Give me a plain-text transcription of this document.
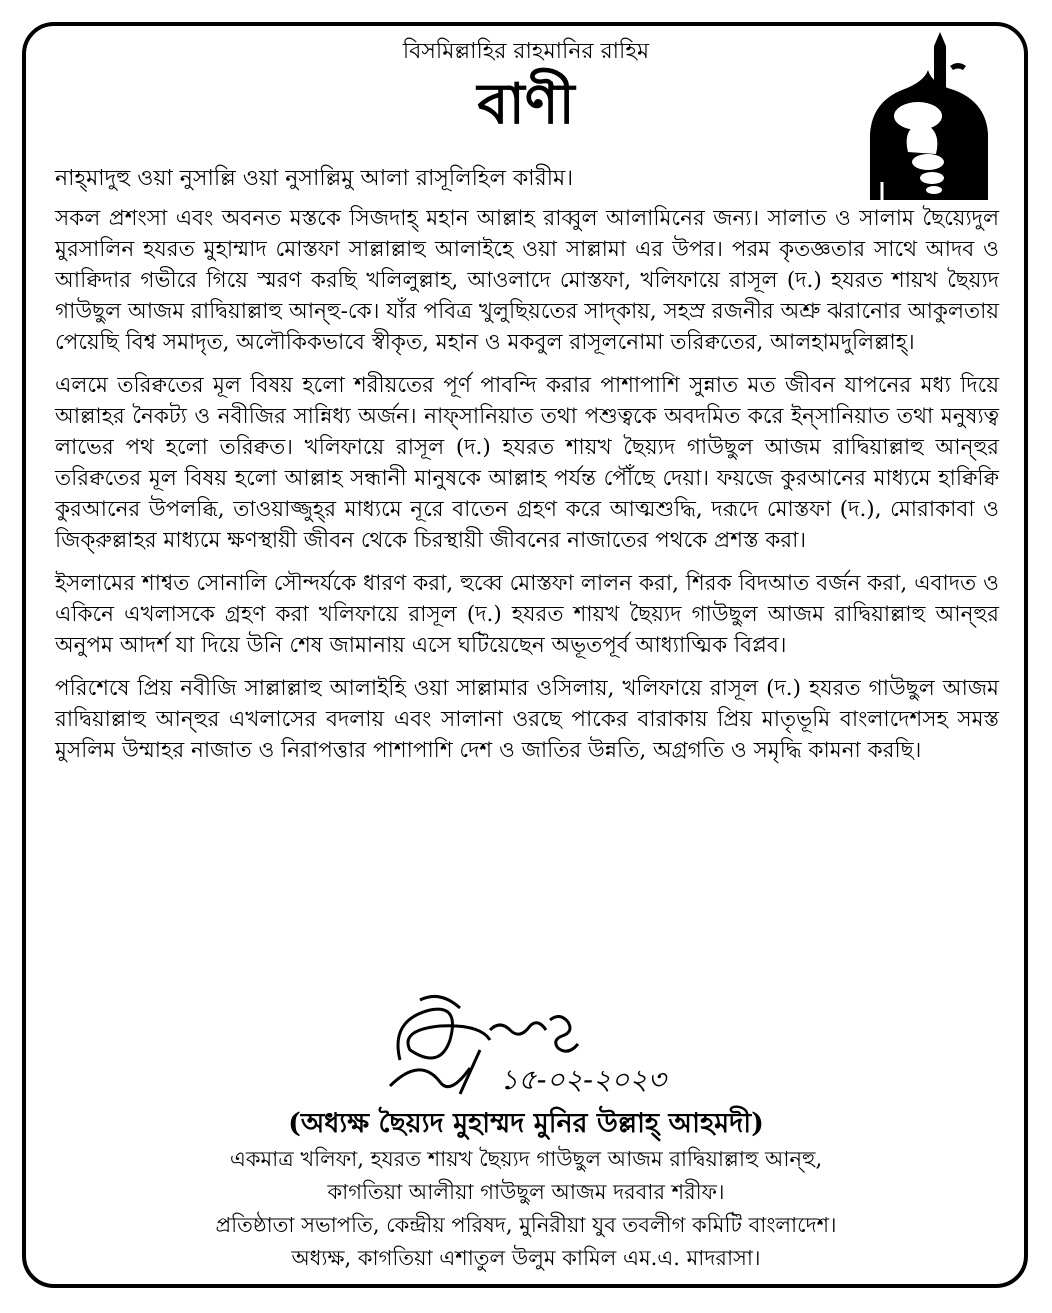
বিসমিল্লাহির রাহমানির রাহিম
বাণী
নাহ্‌মাদুহু ওয়া নুসাল্লি ওয়া নুসাল্লিমু আলা রাসূলিহিল কারীম।

সকল প্রশংসা এবং অবনত মস্তকে সিজদাহ্‌ মহান আল্লাহ রাব্বুল আলামিনের জন্য। সালাত ও সালাম ছৈয়্যেদুল মুরসালিন হযরত মুহাম্মাদ মোস্তফা সাল্লাল্লাহু আলাইহে ওয়া সাল্লামা এর উপর। পরম কৃতজ্ঞতার সাথে আদব ও আক্বিদার গভীরে গিয়ে স্মরণ করছি খলিলুল্লাহ, আওলাদে মোস্তফা, খলিফায়ে রাসূল (দ.) হযরত শায়খ ছৈয়্যদ গাউছুল আজম রাদ্বিয়াল্লাহু আন্‌হু-কে। যাঁর পবিত্র খুলুছিয়তের সাদ্‌কায়, সহস্র রজনীর অশ্রু ঝরানোর আকুলতায় পেয়েছি বিশ্ব সমাদৃত, অলৌকিকভাবে স্বীকৃত, মহান ও মকবুল রাসূলনোমা তরিক্বতের, আলহামদুলিল্লাহ্‌।

এলমে তরিক্বতের মূল বিষয় হলো শরীয়তের পূর্ণ পাবন্দি করার পাশাপাশি সুন্নাত মত জীবন যাপনের মধ্য দিয়ে আল্লাহর নৈকট্য ও নবীজির সান্নিধ্য অর্জন। নাফ্‌সানিয়াত তথা পশুত্বকে অবদমিত করে ইন্‌সানিয়াত তথা মনুষ্যত্ব লাভের পথ হলো তরিক্বত। খলিফায়ে রাসূল (দ.) হযরত শায়খ ছৈয়্যদ গাউছুল আজম রাদ্বিয়াল্লাহু আন্‌হুর তরিক্বতের মূল বিষয় হলো আল্লাহ সন্ধানী মানুষকে আল্লাহ পর্যন্ত পৌঁছে দেয়া। ফয়জে কুরআনের মাধ্যমে হাক্বিক্বি কুরআনের উপলব্ধি, তাওয়াজ্জুহ্‌র মাধ্যমে নূরে বাতেন গ্রহণ করে আত্মশুদ্ধি, দরূদে মোস্তফা (দ.), মোরাকাবা ও জিক্‌রুল্লাহর মাধ্যমে ক্ষণস্থায়ী জীবন থেকে চিরস্থায়ী জীবনের নাজাতের পথকে প্রশস্ত করা।

ইসলামের শাশ্বত সোনালি সৌন্দর্যকে ধারণ করা, হুব্বে মোস্তফা লালন করা, শিরক বিদআত বর্জন করা, এবাদত ও একিনে এখলাসকে গ্রহণ করা খলিফায়ে রাসূল (দ.) হযরত শায়খ ছৈয়্যদ গাউছুল আজম রাদ্বিয়াল্লাহু আন্‌হুর অনুপম আদর্শ যা দিয়ে উনি শেষ জামানায় এসে ঘটিয়েছেন অভূতপূর্ব আধ্যাত্মিক বিপ্লব।

পরিশেষে প্রিয় নবীজি সাল্লাল্লাহু আলাইহি ওয়া সাল্লামার ওসিলায়, খলিফায়ে রাসূল (দ.) হযরত গাউছুল আজম রাদ্বিয়াল্লাহু আন্‌হুর এখলাসের বদলায় এবং সালানা ওরছে পাকের বারাকায় প্রিয় মাতৃভূমি বাংলাদেশসহ সমস্ত মুসলিম উম্মাহর নাজাত ও নিরাপত্তার পাশাপাশি দেশ ও জাতির উন্নতি, অগ্রগতি ও সমৃদ্ধি কামনা করছি।

১৫-০২-২০২৩
(অধ্যক্ষ ছৈয়্যদ মুহাম্মদ মুনির উল্লাহ্‌ আহমদী)
একমাত্র খলিফা, হযরত শায়খ ছৈয়্যদ গাউছুল আজম রাদ্বিয়াল্লাহু আন্‌হু,
কাগতিয়া আলীয়া গাউছুল আজম দরবার শরীফ।
প্রতিষ্ঠাতা সভাপতি, কেন্দ্রীয় পরিষদ, মুনিরীয়া যুব তবলীগ কমিটি বাংলাদেশ।
অধ্যক্ষ, কাগতিয়া এশাতুল উলুম কামিল এম.এ. মাদরাসা।
